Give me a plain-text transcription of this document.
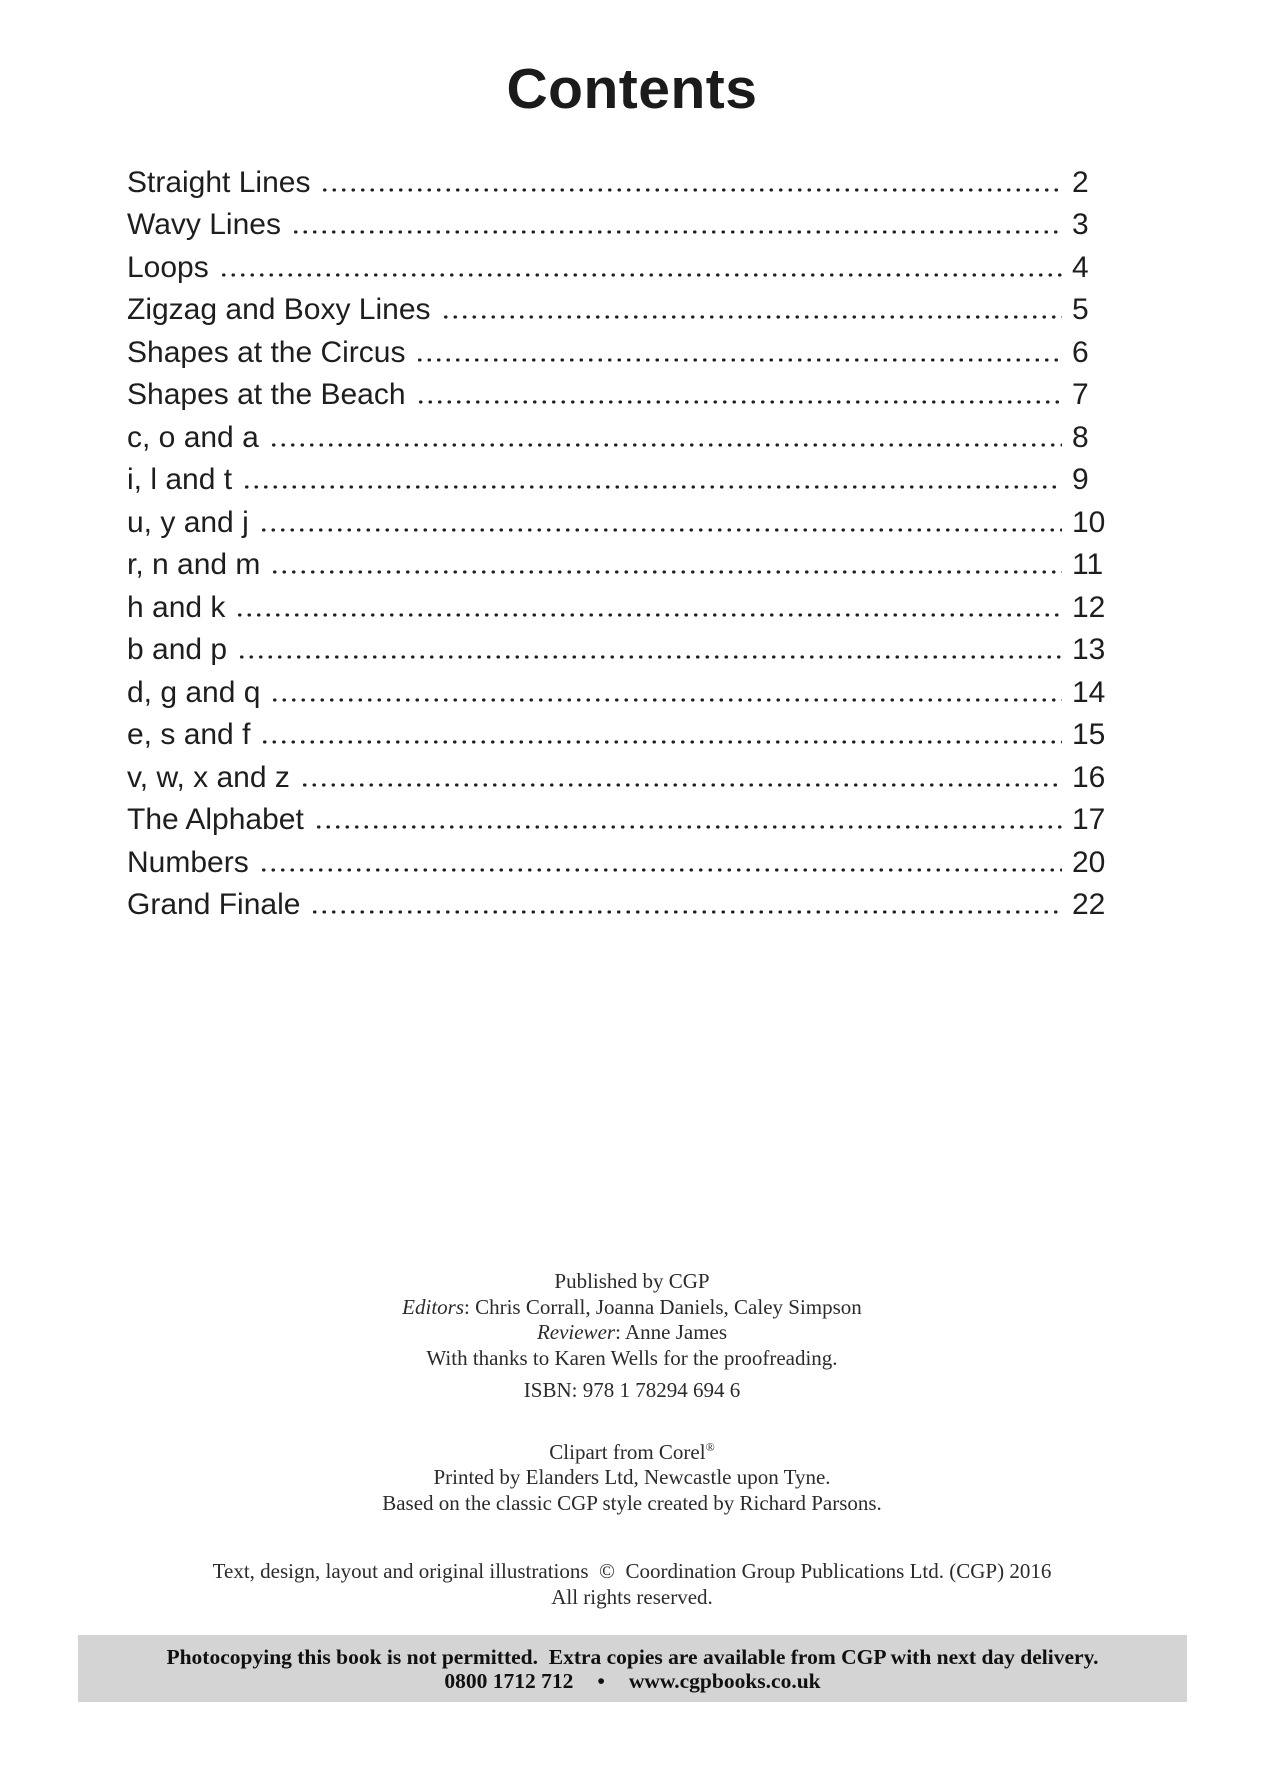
Contents
Straight Lines	2
Wavy Lines	3
Loops	4
Zigzag and Boxy Lines	5
Shapes at the Circus	6
Shapes at the Beach	7
c, o and a	8
i, l and t	9
u, y and j	10
r, n and m	11
h and k	12
b and p	13
d, g and q	14
e, s and f	15
v, w, x and z	16
The Alphabet	17
Numbers	20
Grand Finale	22
Published by CGP
Editors: Chris Corrall, Joanna Daniels, Caley Simpson
Reviewer: Anne James
With thanks to Karen Wells for the proofreading.
ISBN: 978 1 78294 694 6
Clipart from Corel®
Printed by Elanders Ltd, Newcastle upon Tyne.
Based on the classic CGP style created by Richard Parsons.
Text, design, layout and original illustrations  ©  Coordination Group Publications Ltd. (CGP) 2016
All rights reserved.
Photocopying this book is not permitted.  Extra copies are available from CGP with next day delivery.
0800 1712 712 • www.cgpbooks.co.uk
